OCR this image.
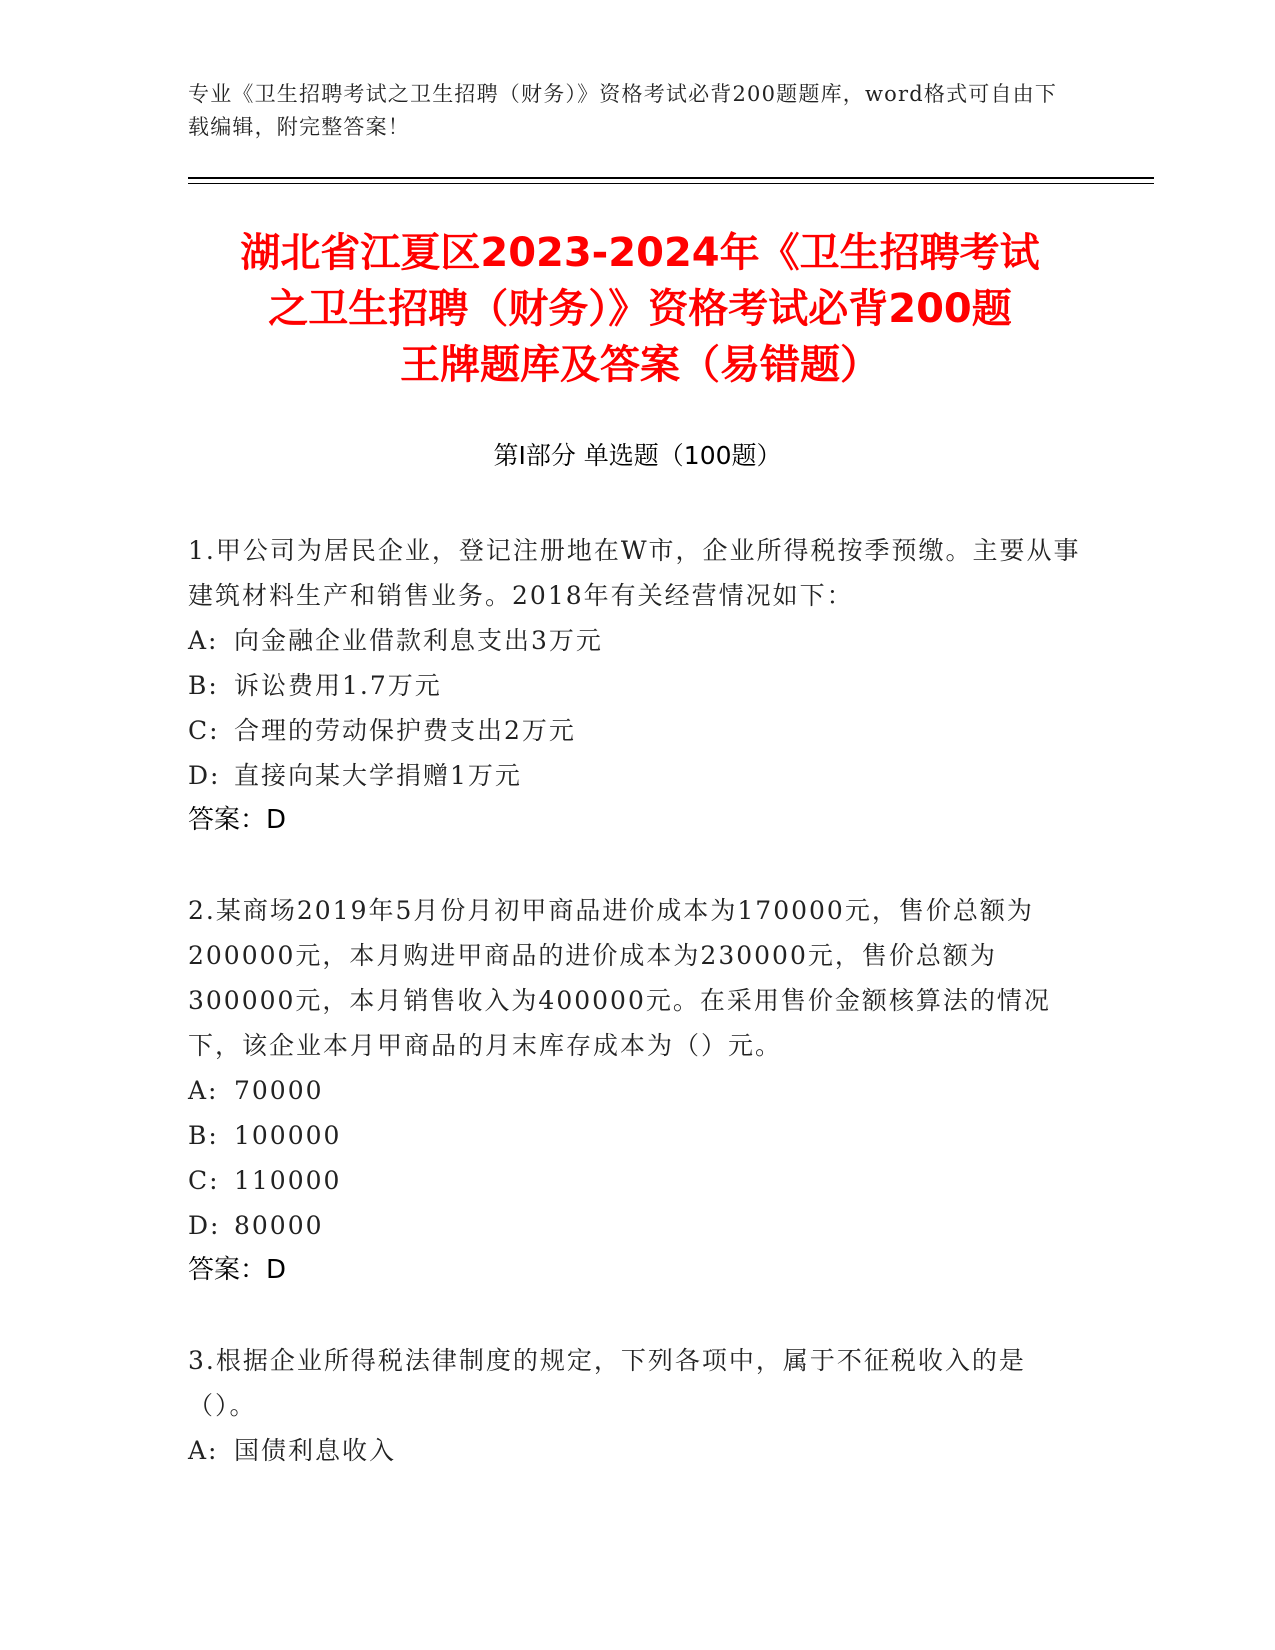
专业《卫生招聘考试之卫生招聘（财务）》资格考试必背200题题库，word格式可自由下载编辑，附完整答案！
湖北省江夏区2023-2024年《卫生招聘考试
之卫生招聘（财务）》资格考试必背200题
王牌题库及答案（易错题）
第Ⅰ部分 单选题（100题）
1.甲公司为居民企业，登记注册地在W市，企业所得税按季预缴。主要从事建筑材料生产和销售业务。2018年有关经营情况如下：
A: 向金融企业借款利息支出3万元
B: 诉讼费用1.7万元
C: 合理的劳动保护费支出2万元
D: 直接向某大学捐赠1万元
答案：D
2.某商场2019年5月份月初甲商品进价成本为170000元，售价总额为200000元，本月购进甲商品的进价成本为230000元，售价总额为300000元，本月销售收入为400000元。在采用售价金额核算法的情况下，该企业本月甲商品的月末库存成本为（）元。
A: 70000
B: 100000
C: 110000
D: 80000
答案：D
3.根据企业所得税法律制度的规定，下列各项中，属于不征税收入的是（）。
A: 国债利息收入
